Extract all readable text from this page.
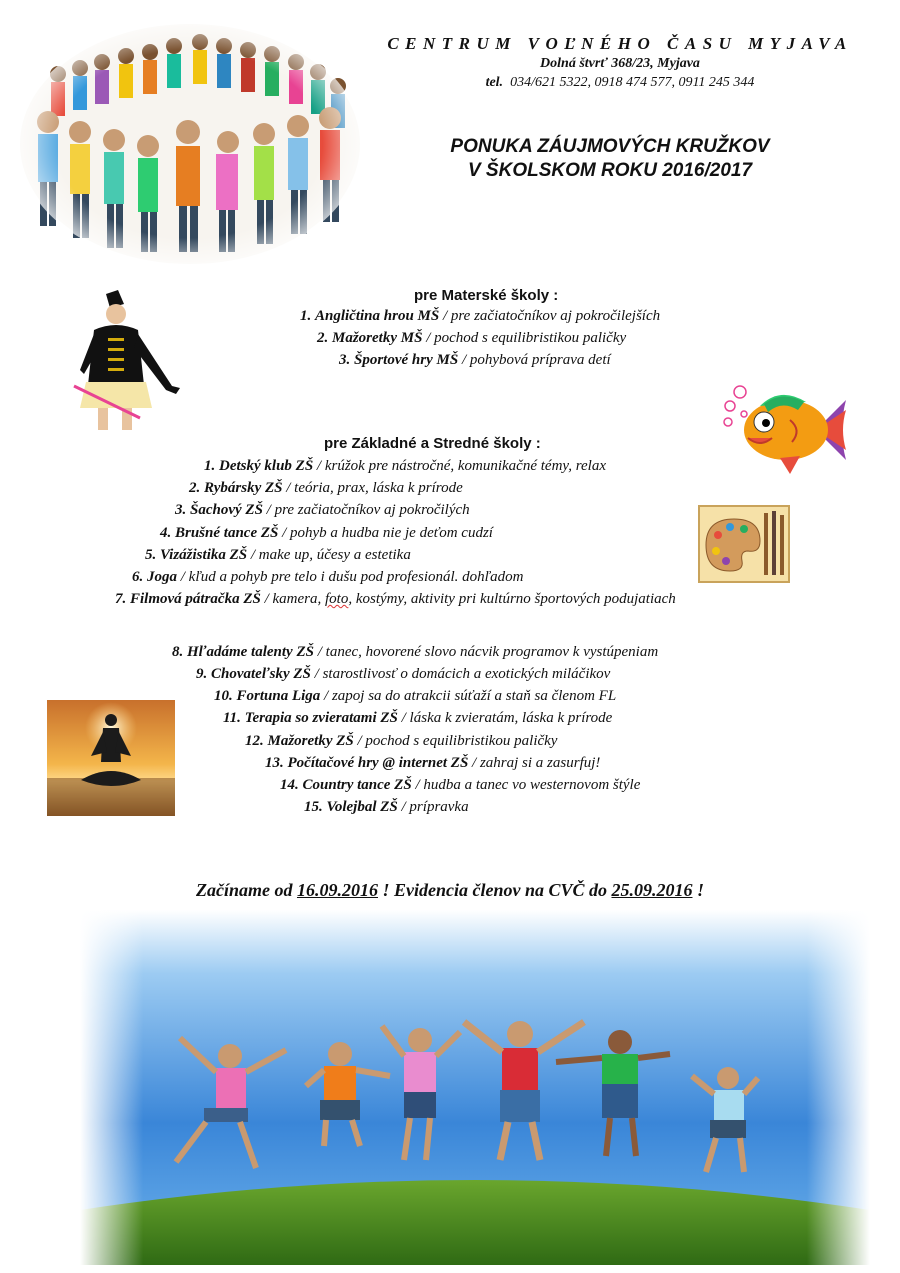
CENTRUM VOĽNÉHO ČASU MYJAVA
Dolná štvrť 368/23, Myjava
tel. 034/621 5322, 0918 474 577, 0911 245 344
PONUKA ZÁUJMOVÝCH KRUŽKOV
V ŠKOLSKOM ROKU 2016/2017
pre Materské školy :
1. Angličtina hrou MŠ / pre začiatočníkov aj pokročilejších
2. Mažoretky MŠ / pochod s equilibristikou paličky
3. Športové hry MŠ / pohybová príprava detí
pre Základné a Stredné školy :
1. Detský klub ZŠ / krúžok pre nástročné, komunikačné témy, relax
2. Rybársky ZŠ / teória, prax, láska k prírode
3. Šachový ZŠ / pre začiatočníkov aj pokročilých
4. Brušné tance ZŠ / pohyb a hudba nie je deťom cudzí
5. Vizážistika ZŠ / make up, účesy a estetika
6. Joga / kľud a pohyb pre telo i dušu pod profesionál. dohľadom
7. Filmová pátračka ZŠ / kamera, foto, kostýmy, aktivity pri kultúrno športových podujatiach
8. Hľadáme talenty ZŠ / tanec, hovorené slovo nácvik programov k vystúpeniam
9. Chovateľsky ZŠ / starostlivosť o domácich a exotických miláčikov
10. Fortuna Liga / zapoj sa do atrakcii súťaží a staň sa členom FL
11. Terapia so zvieratami ZŠ / láska k zvieratám, láska k prírode
12. Mažoretky ZŠ / pochod s equilibristikou paličky
13. Počítačové hry @ internet ZŠ / zahraj si a zasurfuj!
14. Country tance ZŠ / hudba a tanec vo westernovom štýle
15. Volejbal ZŠ / prípravka
Začíname od 16.09.2016 ! Evidencia členov na CVČ do 25.09.2016 !
